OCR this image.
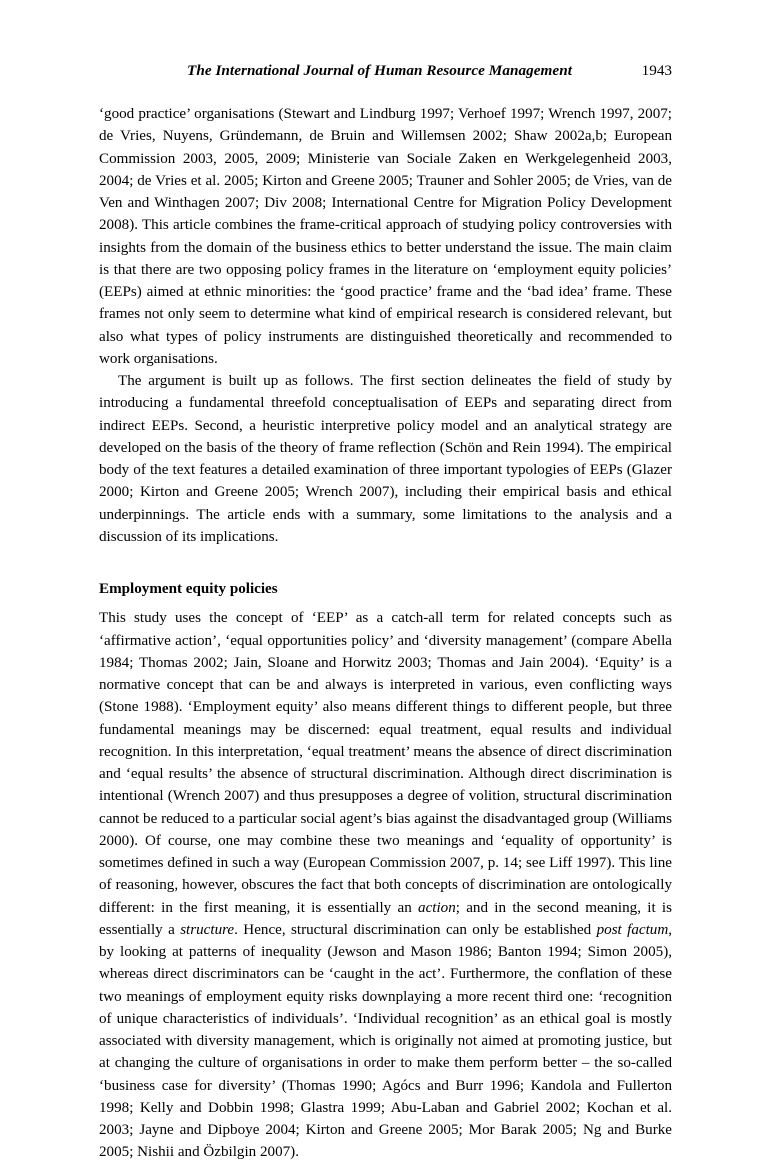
The International Journal of Human Resource Management	1943

‘good practice’ organisations (Stewart and Lindburg 1997; Verhoef 1997; Wrench 1997, 2007; de Vries, Nuyens, Gründemann, de Bruin and Willemsen 2002; Shaw 2002a,b; European Commission 2003, 2005, 2009; Ministerie van Sociale Zaken en Werkgelegenheid 2003, 2004; de Vries et al. 2005; Kirton and Greene 2005; Trauner and Sohler 2005; de Vries, van de Ven and Winthagen 2007; Div 2008; International Centre for Migration Policy Development 2008). This article combines the frame-critical approach of studying policy controversies with insights from the domain of the business ethics to better understand the issue. The main claim is that there are two opposing policy frames in the literature on ‘employment equity policies’ (EEPs) aimed at ethnic minorities: the ‘good practice’ frame and the ‘bad idea’ frame. These frames not only seem to determine what kind of empirical research is considered relevant, but also what types of policy instruments are distinguished theoretically and recommended to work organisations.

The argument is built up as follows. The first section delineates the field of study by introducing a fundamental threefold conceptualisation of EEPs and separating direct from indirect EEPs. Second, a heuristic interpretive policy model and an analytical strategy are developed on the basis of the theory of frame reflection (Schön and Rein 1994). The empirical body of the text features a detailed examination of three important typologies of EEPs (Glazer 2000; Kirton and Greene 2005; Wrench 2007), including their empirical basis and ethical underpinnings. The article ends with a summary, some limitations to the analysis and a discussion of its implications.

Employment equity policies

This study uses the concept of ‘EEP’ as a catch-all term for related concepts such as ‘affirmative action’, ‘equal opportunities policy’ and ‘diversity management’ (compare Abella 1984; Thomas 2002; Jain, Sloane and Horwitz 2003; Thomas and Jain 2004). ‘Equity’ is a normative concept that can be and always is interpreted in various, even conflicting ways (Stone 1988). ‘Employment equity’ also means different things to different people, but three fundamental meanings may be discerned: equal treatment, equal results and individual recognition. In this interpretation, ‘equal treatment’ means the absence of direct discrimination and ‘equal results’ the absence of structural discrimination. Although direct discrimination is intentional (Wrench 2007) and thus presupposes a degree of volition, structural discrimination cannot be reduced to a particular social agent’s bias against the disadvantaged group (Williams 2000). Of course, one may combine these two meanings and ‘equality of opportunity’ is sometimes defined in such a way (European Commission 2007, p. 14; see Liff 1997). This line of reasoning, however, obscures the fact that both concepts of discrimination are ontologically different: in the first meaning, it is essentially an action; and in the second meaning, it is essentially a structure. Hence, structural discrimination can only be established post factum, by looking at patterns of inequality (Jewson and Mason 1986; Banton 1994; Simon 2005), whereas direct discriminators can be ‘caught in the act’. Furthermore, the conflation of these two meanings of employment equity risks downplaying a more recent third one: ‘recognition of unique characteristics of individuals’. ‘Individual recognition’ as an ethical goal is mostly associated with diversity management, which is originally not aimed at promoting justice, but at changing the culture of organisations in order to make them perform better – the so-called ‘business case for diversity’ (Thomas 1990; Agócs and Burr 1996; Kandola and Fullerton 1998; Kelly and Dobbin 1998; Glastra 1999; Abu-Laban and Gabriel 2002; Kochan et al. 2003; Jayne and Dipboye 2004; Kirton and Greene 2005; Mor Barak 2005; Ng and Burke 2005; Nishii and Özbilgin 2007).
